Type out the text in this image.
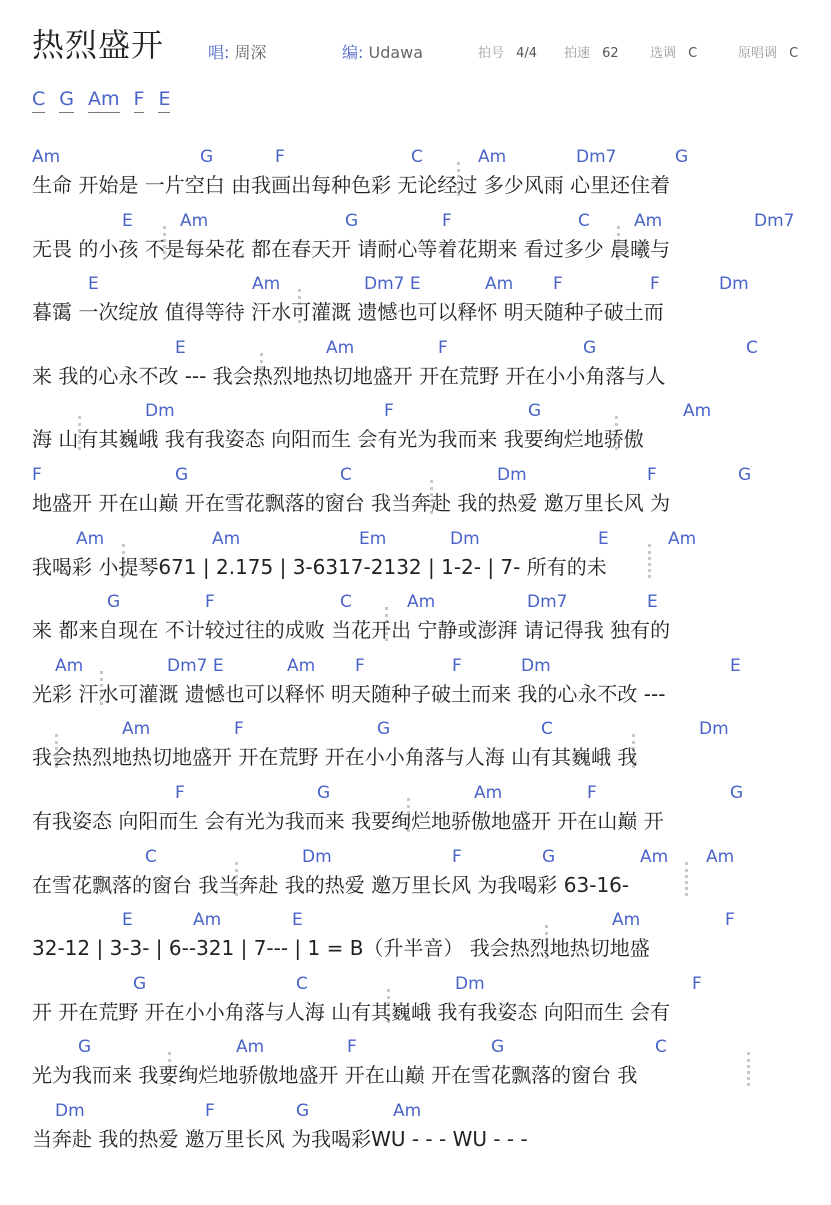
热烈盛开	唱: 周深	编: Udawa	拍号 4/4 拍速 62 选调 C	原唱调 C
C G Am F E
Am	G	F	C	Am	Dm7	G
生命 开始是 一片空白 由我画出每种色彩 无论经过 多少风雨 心里还住着
E	Am	G	F	C	Am	Dm7
无畏 的小孩 不是每朵花 都在春天开 请耐心等着花期来 看过多少 晨曦与
E	Am	Dm7 E	Am F	F	Dm
暮霭 一次绽放 值得等待 汗水可灌溉 遗憾也可以释怀 明天随种子破土而
E	Am	F	G	C
来 我的心永不改 --- 我会热烈地热切地盛开 开在荒野 开在小小角落与人
Dm	F	G	Am
海 山有其巍峨 我有我姿态 向阳而生 会有光为我而来 我要绚烂地骄傲
F	G	C	Dm	F	G
地盛开 开在山巅 开在雪花飘落的窗台 我当奔赴 我的热爱 邀万里长风 为
Am	Am	Em	Dm	E	Am
我喝彩 小提琴671 | 2.175 | 3-6317-2132 | 1-2- | 7- 所有的未
G	F	C	Am	Dm7	E
来 都来自现在 不计较过往的成败 当花开出 宁静或澎湃 请记得我 独有的
Am	Dm7 E	Am F	F	Dm	E
光彩 汗水可灌溉 遗憾也可以释怀 明天随种子破土而来 我的心永不改 ---
Am	F	G	C	Dm
我会热烈地热切地盛开 开在荒野 开在小小角落与人海 山有其巍峨 我
F	G	Am	F	G
有我姿态 向阳而生 会有光为我而来 我要绚烂地骄傲地盛开 开在山巅 开
C	Dm	F	G	Am Am
在雪花飘落的窗台 我当奔赴 我的热爱 邀万里长风 为我喝彩 63-16-
E	Am	E	Am	F
32-12 | 3-3- | 6--321 | 7--- | 1 = B（升半音） 我会热烈地热切地盛
G	C	Dm	F
开 开在荒野 开在小小角落与人海 山有其巍峨 我有我姿态 向阳而生 会有
G	Am	F	G	C
光为我而来 我要绚烂地骄傲地盛开 开在山巅 开在雪花飘落的窗台 我
Dm	F	G	Am
当奔赴 我的热爱 邀万里长风 为我喝彩WU - - - WU - - -
